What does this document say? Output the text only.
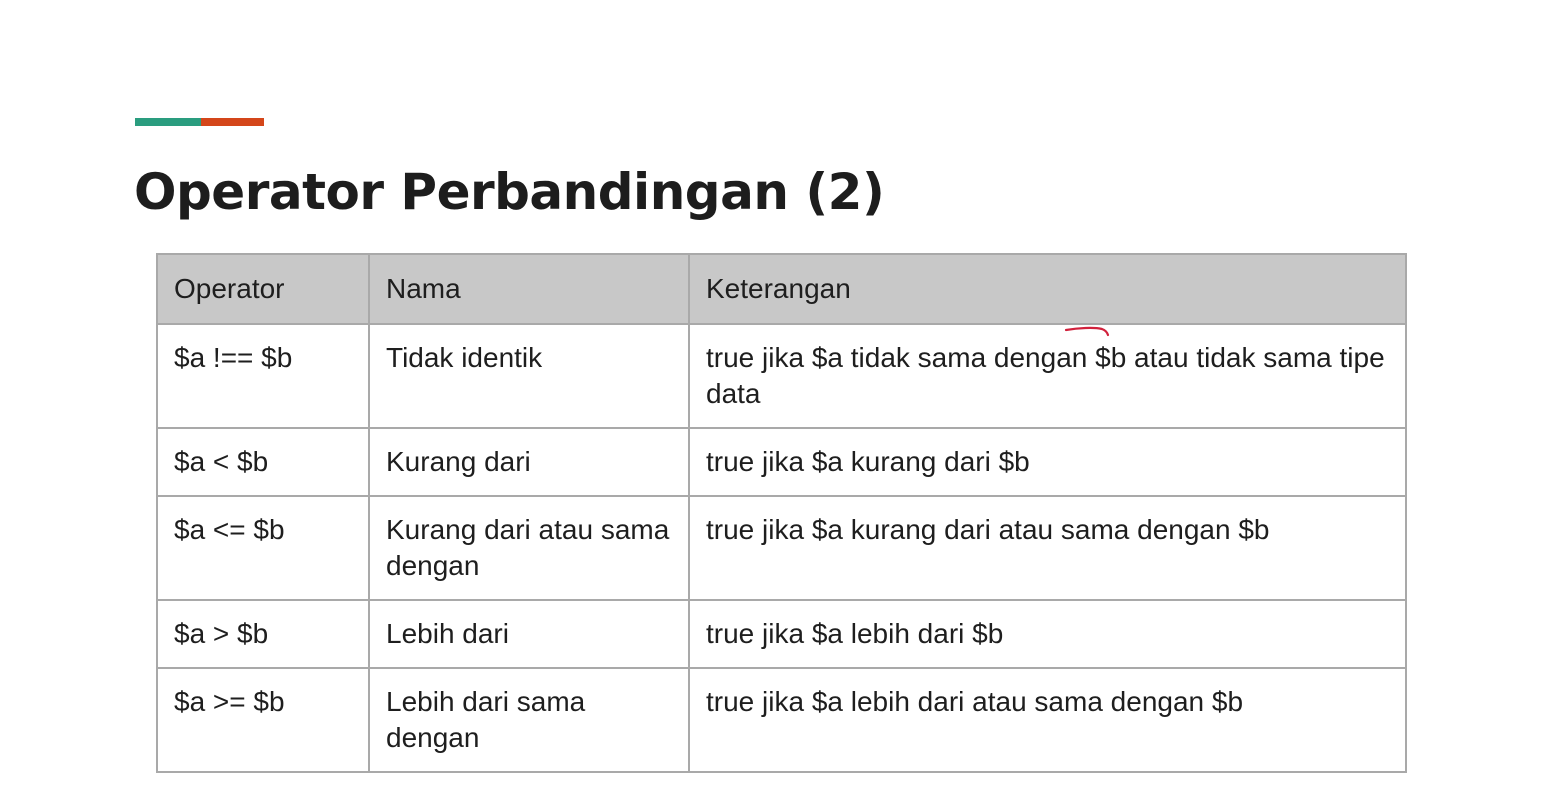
Operator Perbandingan (2)
Operator	Nama	Keterangan
$a !== $b	Tidak identik	true jika $a tidak sama dengan $b atau tidak sama tipe data
$a < $b	Kurang dari	true jika $a kurang dari $b
$a <= $b	Kurang dari atau sama dengan	true jika $a kurang dari atau sama dengan $b
$a > $b	Lebih dari	true jika $a lebih dari $b
$a >= $b	Lebih dari sama dengan	true jika $a lebih dari atau sama dengan $b
